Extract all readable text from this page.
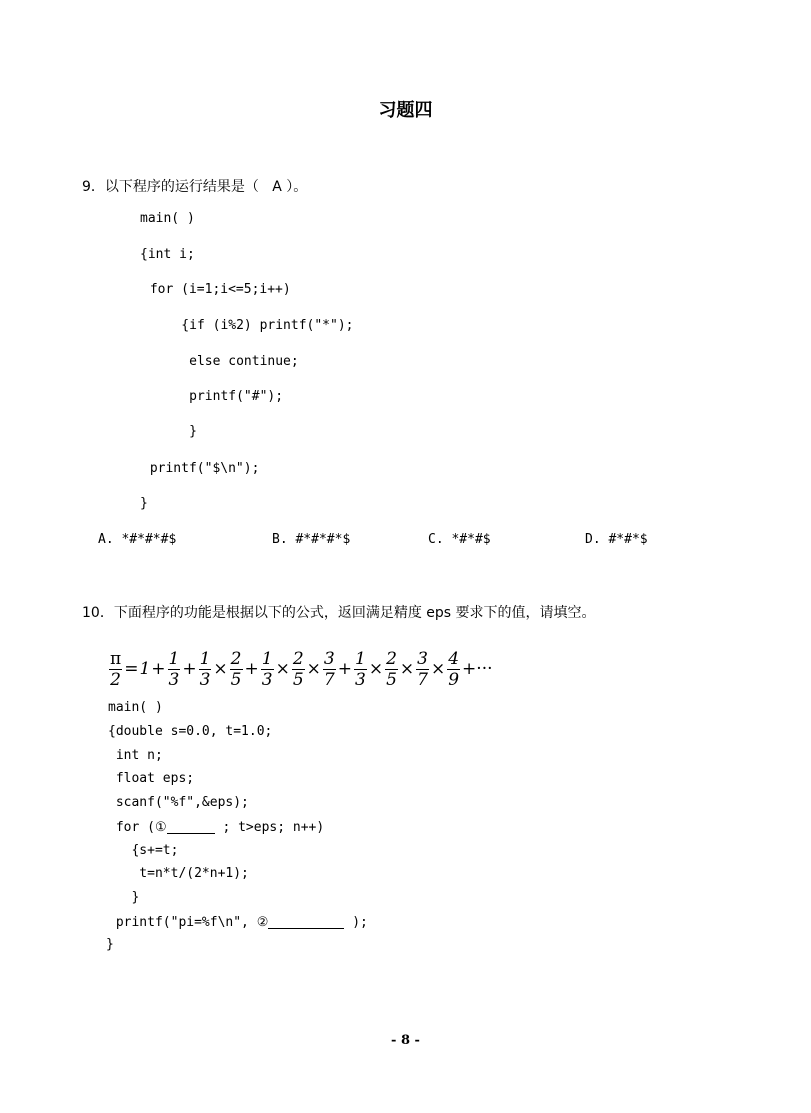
习题四
9．以下程序的运行结果是（   A ）。
main( )
{int i;
for (i=1;i<=5;i++)
{if (i%2) printf("*");
else continue;
printf("#");
}
printf("$\n");
}
A. *#*#*#$	B. #*#*#*$	C. *#*#$	D. #*#*$
10．下面程序的功能是根据以下的公式，返回满足精度 eps 要求下的值，请填空。
$\frac{\pi}{2} = 1 + \frac{1}{3} + \frac{1}{3} \times \frac{2}{5} + \frac{1}{3} \times \frac{2}{5} \times \frac{3}{7} + \frac{1}{3} \times \frac{2}{5} \times \frac{3}{7} \times \frac{4}{9}$ +···
main( )
{double s=0.0, t=1.0;
int n;
float eps;
scanf("%f",&eps);
for (①	; t>eps; n++)
{s+=t;
t=n*t/(2*n+1);
}
printf("pi=%f\n", ②	);
}
- 8 -
